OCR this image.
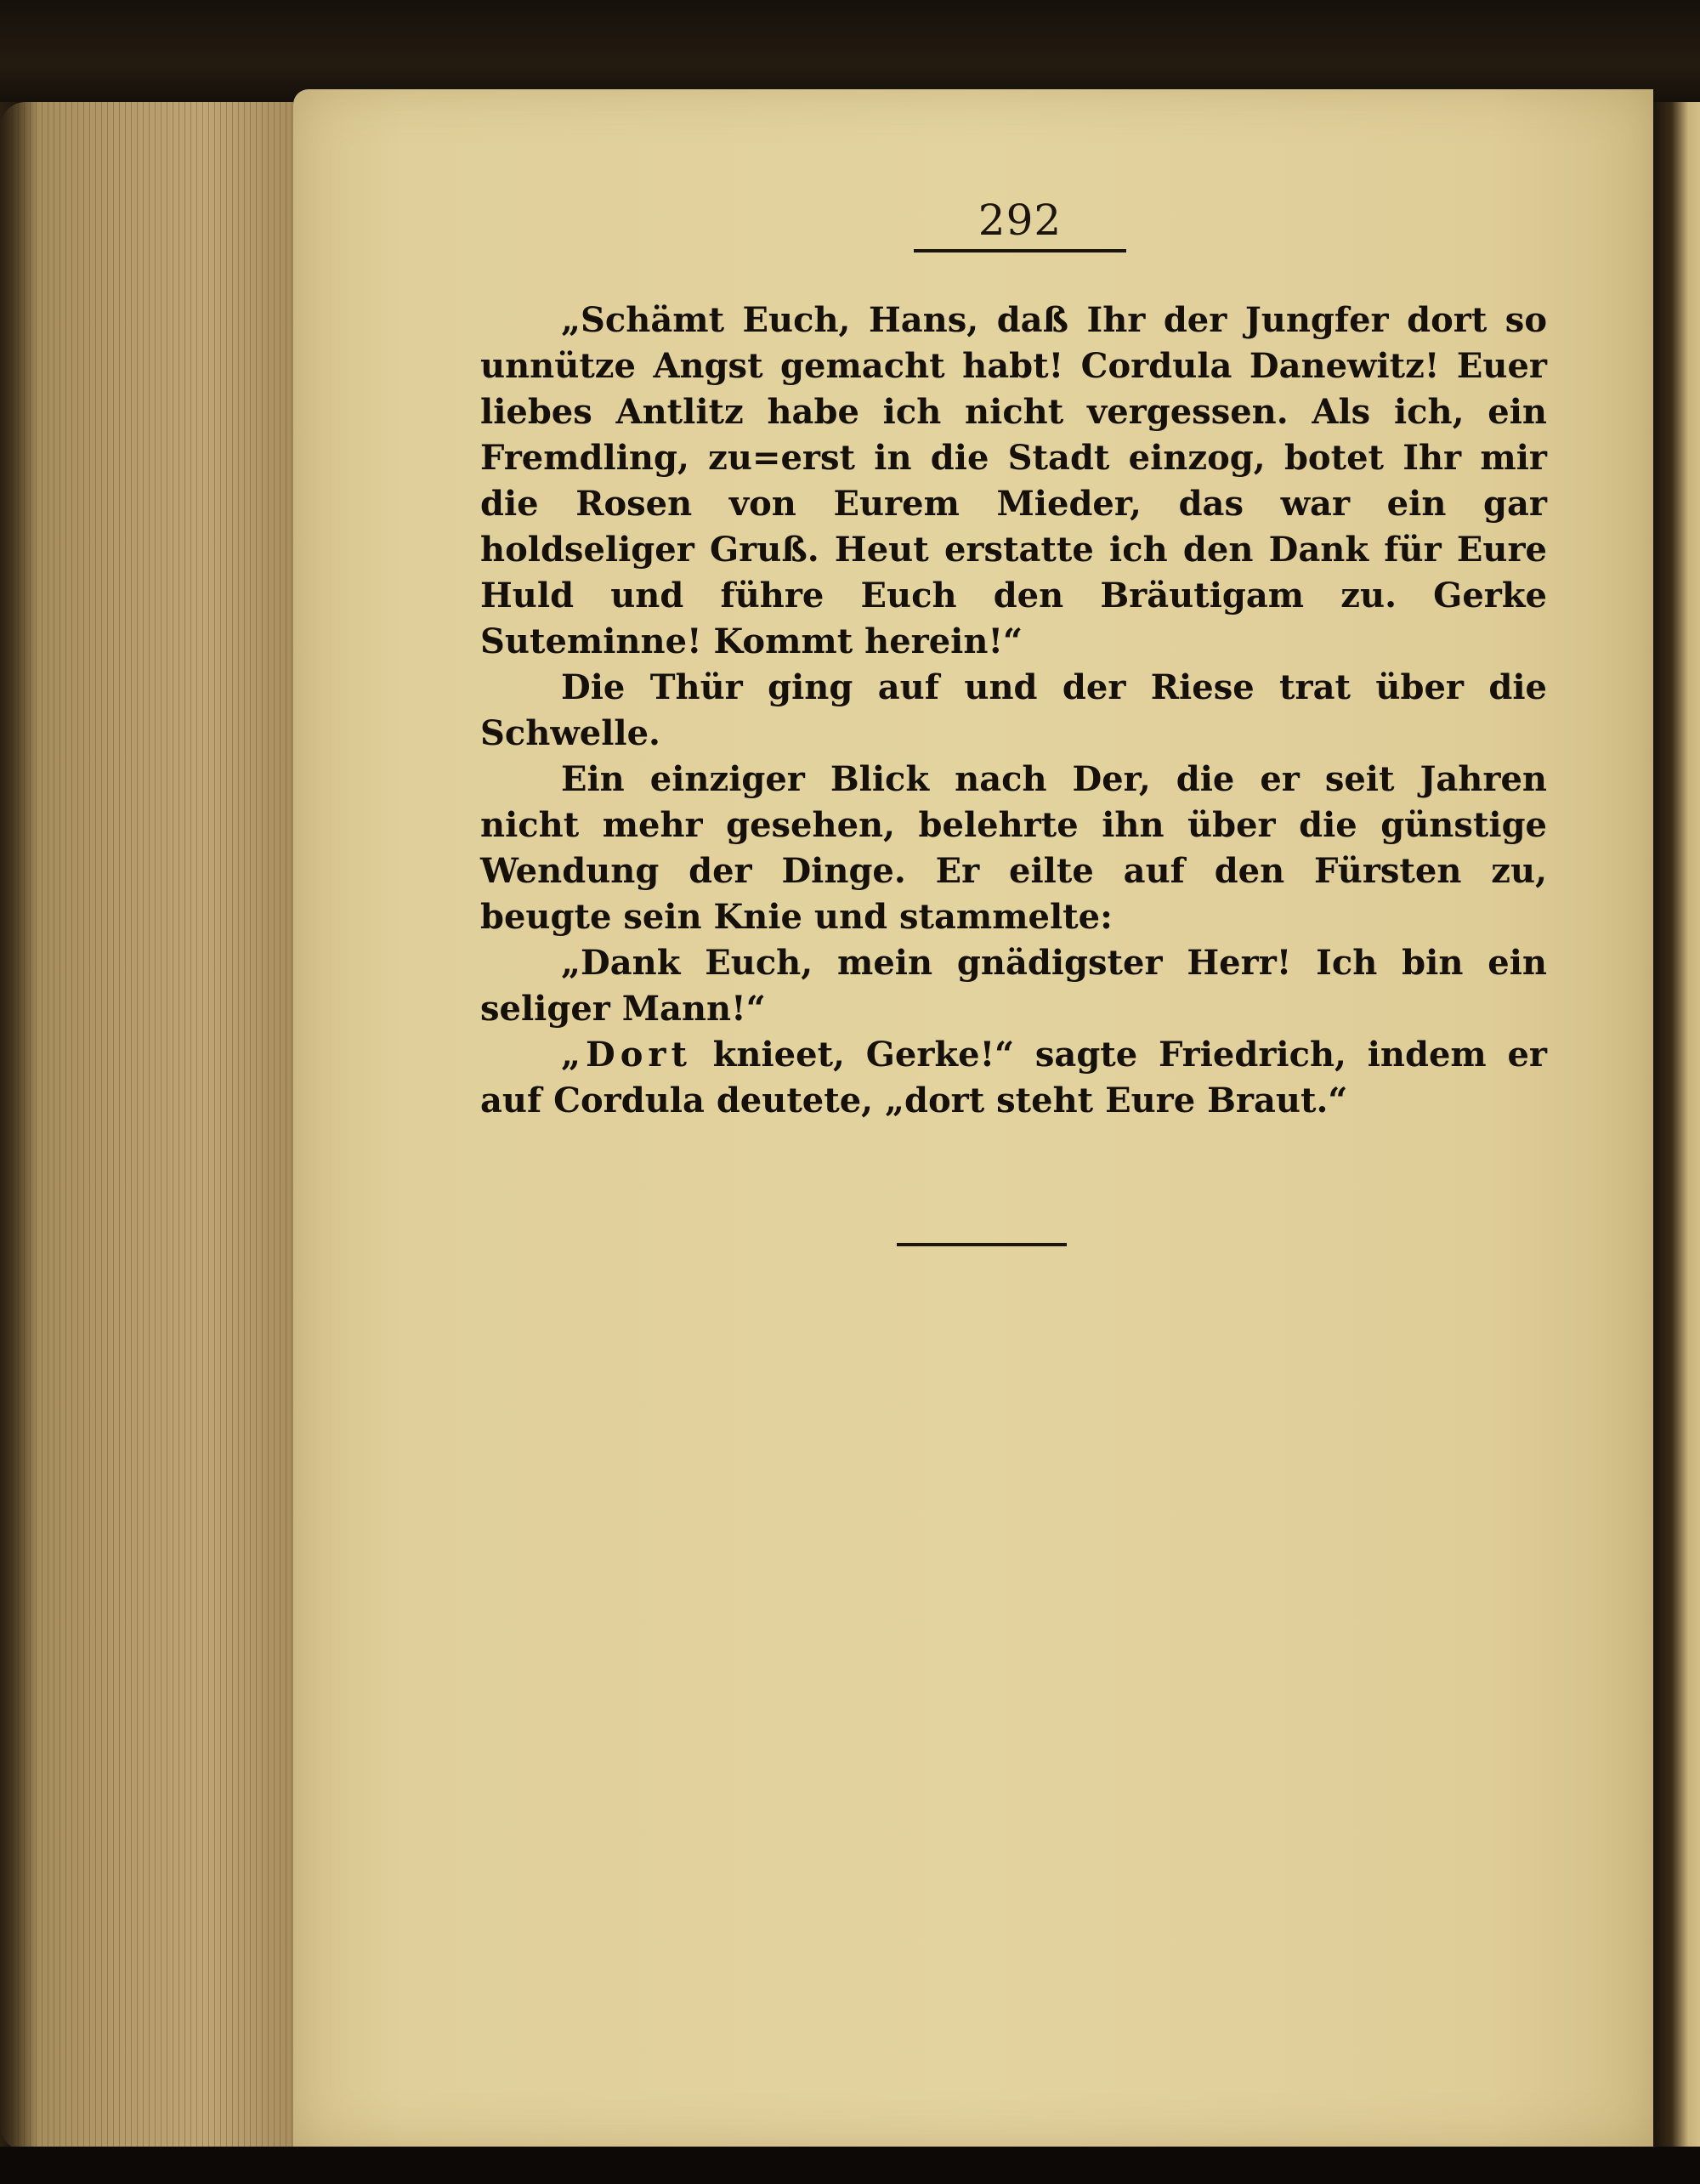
292

„Schämt Euch, Hans, daß Ihr der Jungfer dort so unnütze Angst gemacht habt! Cordula Danewitz! Euer liebes Antlitz habe ich nicht vergessen. Als ich, ein Fremdling, zu=erst in die Stadt einzog, botet Ihr mir die Rosen von Eurem Mieder, das war ein gar holdseliger Gruß. Heut erstatte ich den Dank für Eure Huld und führe Euch den Bräutigam zu. Gerke Suteminne! Kommt herein!“

Die Thür ging auf und der Riese trat über die Schwelle.

Ein einziger Blick nach Der, die er seit Jahren nicht mehr gesehen, belehrte ihn über die günstige Wendung der Dinge. Er eilte auf den Fürsten zu, beugte sein Knie und stammelte:

„Dank Euch, mein gnädigster Herr! Ich bin ein seliger Mann!“

„Dort knieet, Gerke!“ sagte Friedrich, indem er auf Cordula deutete, „dort steht Eure Braut.“
